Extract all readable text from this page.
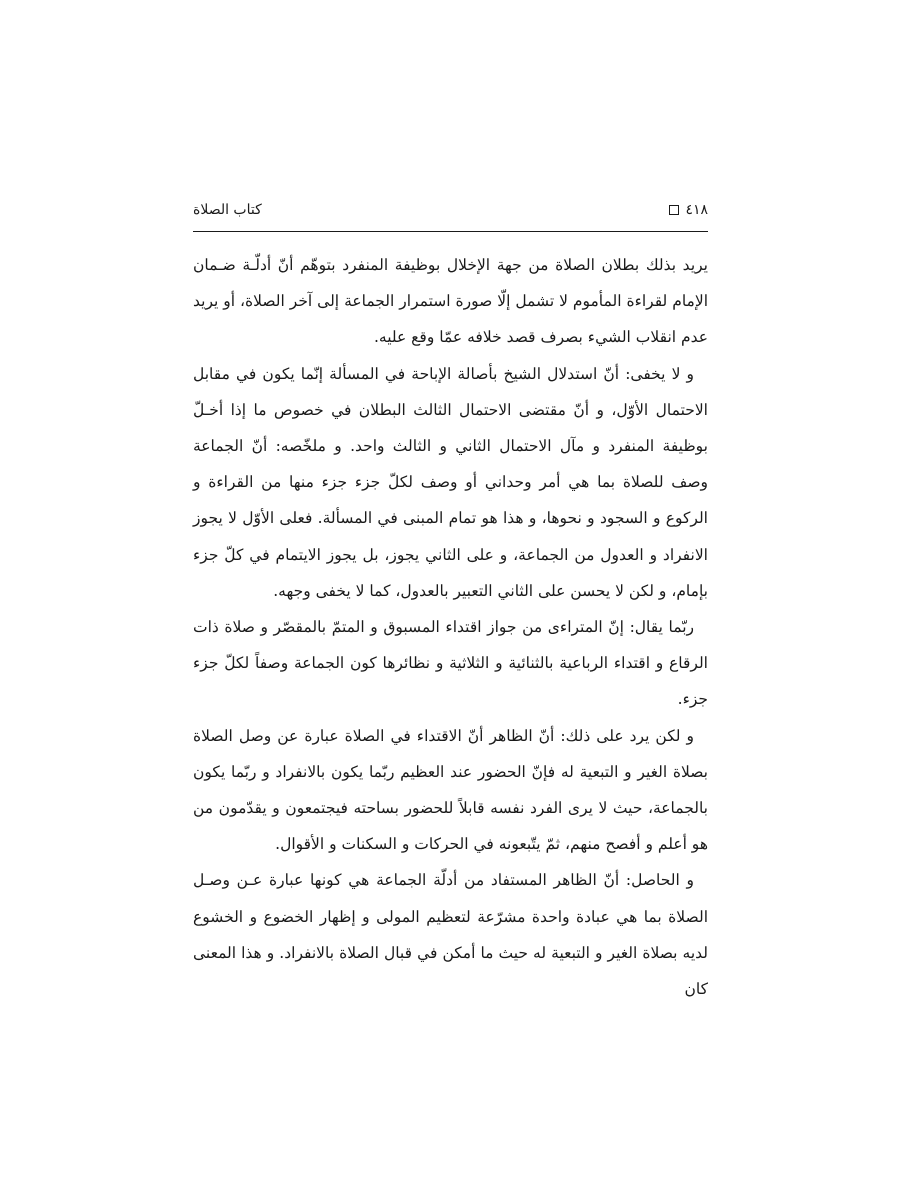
٤١٨
كتاب الصلاة

يريد بذلك بطلان الصلاة من جهة الإخلال بوظيفة المنفرد بتوهّم أنّ أدلّـة ضـمان الإمام لقراءة المأموم لا تشمل إلّا صورة استمرار الجماعة إلى آخر الصلاة، أو يريد عدم انقلاب الشيء بصرف قصد خلافه عمّا وقع عليه.

و لا يخفى: أنّ استدلال الشيخ بأصالة الإباحة في المسألة إنّما يكون في مقابل الاحتمال الأوّل، و أنّ مقتضى الاحتمال الثالث البطلان في خصوص ما إذا أخـلّ بوظيفة المنفرد و مآل الاحتمال الثاني و الثالث واحد. و ملخّصه: أنّ الجماعة وصف للصلاة بما هي أمر وحداني أو وصف لكلّ جزء جزء منها من القراءة و الركوع و السجود و نحوها، و هذا هو تمام المبنى في المسألة. فعلى الأوّل لا يجوز الانفراد و العدول من الجماعة، و على الثاني يجوز، بل يجوز الايتمام في كلّ جزء بإمام، و لكن لا يحسن على الثاني التعبير بالعدول، كما لا يخفى وجهه.

ربّما يقال: إنّ المتراءى من جواز اقتداء المسبوق و المتمّ بالمقصّر و صلاة ذات الرقاع و اقتداء الرباعية بالثنائية و الثلاثية و نظائرها كون الجماعة وصفاً لكلّ جزء جزء.

و لكن يرد على ذلك: أنّ الظاهر أنّ الاقتداء في الصلاة عبارة عن وصل الصلاة بصلاة الغير و التبعية له فإنّ الحضور عند العظيم ربّما يكون بالانفراد و ربّما يكون بالجماعة، حيث لا يرى الفرد نفسه قابلاً للحضور بساحته فيجتمعون و يقدّمون من هو أعلم و أفصح منهم، ثمّ يتّبعونه في الحركات و السكنات و الأقوال.

و الحاصل: أنّ الظاهر المستفاد من أدلّة الجماعة هي كونها عبارة عـن وصـل الصلاة بما هي عبادة واحدة مشرّعة لتعظيم المولى و إظهار الخضوع و الخشوع لديه بصلاة الغير و التبعية له حيث ما أمكن في قبال الصلاة بالانفراد. و هذا المعنى كان
